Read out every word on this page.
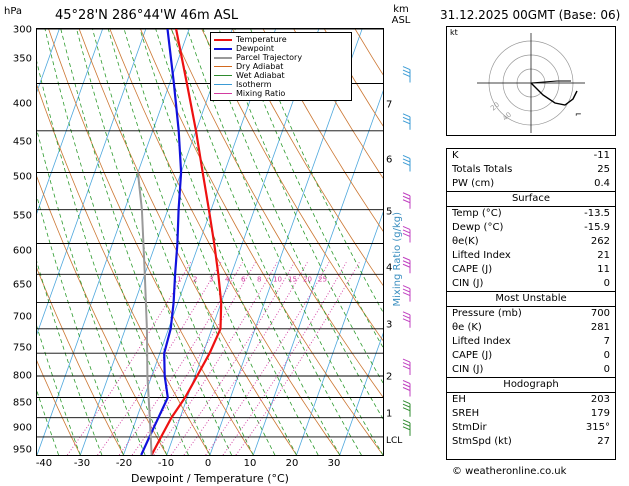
hPa	45°28'N 286°44'W 46m ASL	km
ASL
300
350
400
450
500
550
600
650
700
750
800
850
900
950
7
6
5
4
3
2
1
LCL
-40 -30	-20	-10	0	10	20	30
Dewpoint / Temperature (°C)
Mixing Ratio (g/kg)
1 2 3 4 6 8 10 15 20 25
Temperature
Dewpoint
Parcel Trajectory
Dry Adiabat
Wet Adiabat
Isotherm
Mixing Ratio
31.12.2025 00GMT (Base: 06)
20
40	⌐
kt
K	-11
Totals Totals	25
PW (cm)	0.4
Surface
Temp (°C)	-13.5
Dewp (°C)	-15.9
θe(K)	262
Lifted Index	21
CAPE (J)	11
CIN (J)	0
Most Unstable
Pressure (mb)	700
θe (K)	281
Lifted Index	7
CAPE (J)	0
CIN (J)	0
Hodograph
EH	203
SREH	179
StmDir	315°
StmSpd (kt)	27
© weatheronline.co.uk
